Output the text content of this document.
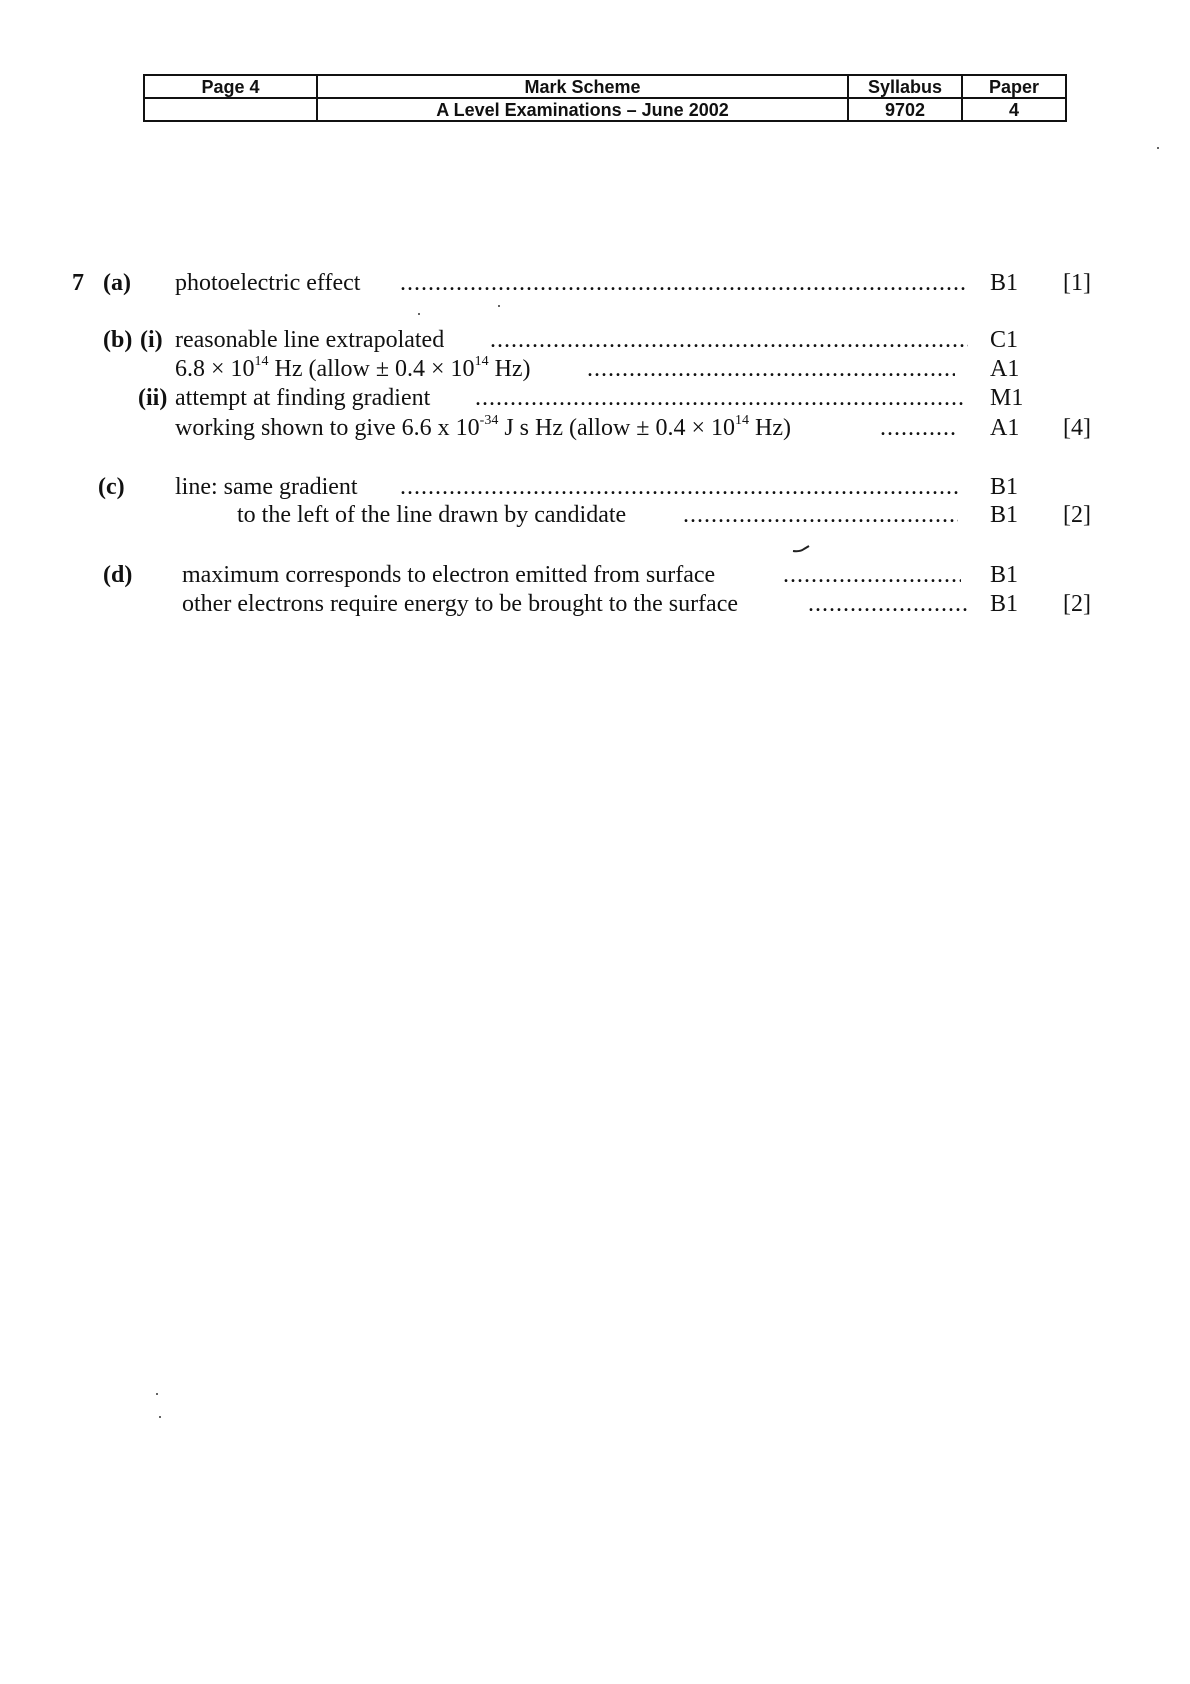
Page 4	Mark Scheme	Syllabus	Paper
	A Level Examinations – June 2002	9702	4
7 (a) photoelectric effect .....	B1 [1]
(b) (i) reasonable line extrapolated .....	C1
$6.8 \times 10^{14}$ Hz (allow ± $0.4 \times 10^{14}$ Hz) .....	A1
(ii) attempt at finding gradient .....	M1
working shown to give 6.6 x $10^{-34}$ J s Hz (allow ± $0.4 \times 10^{14}$ Hz) .....	A1 [4]
(c) line: same gradient .....	B1
to the left of the line drawn by candidate .....	B1 [2]
(d) maximum corresponds to electron emitted from surface .....	B1
other electrons require energy to be brought to the surface .....	B1 [2]
